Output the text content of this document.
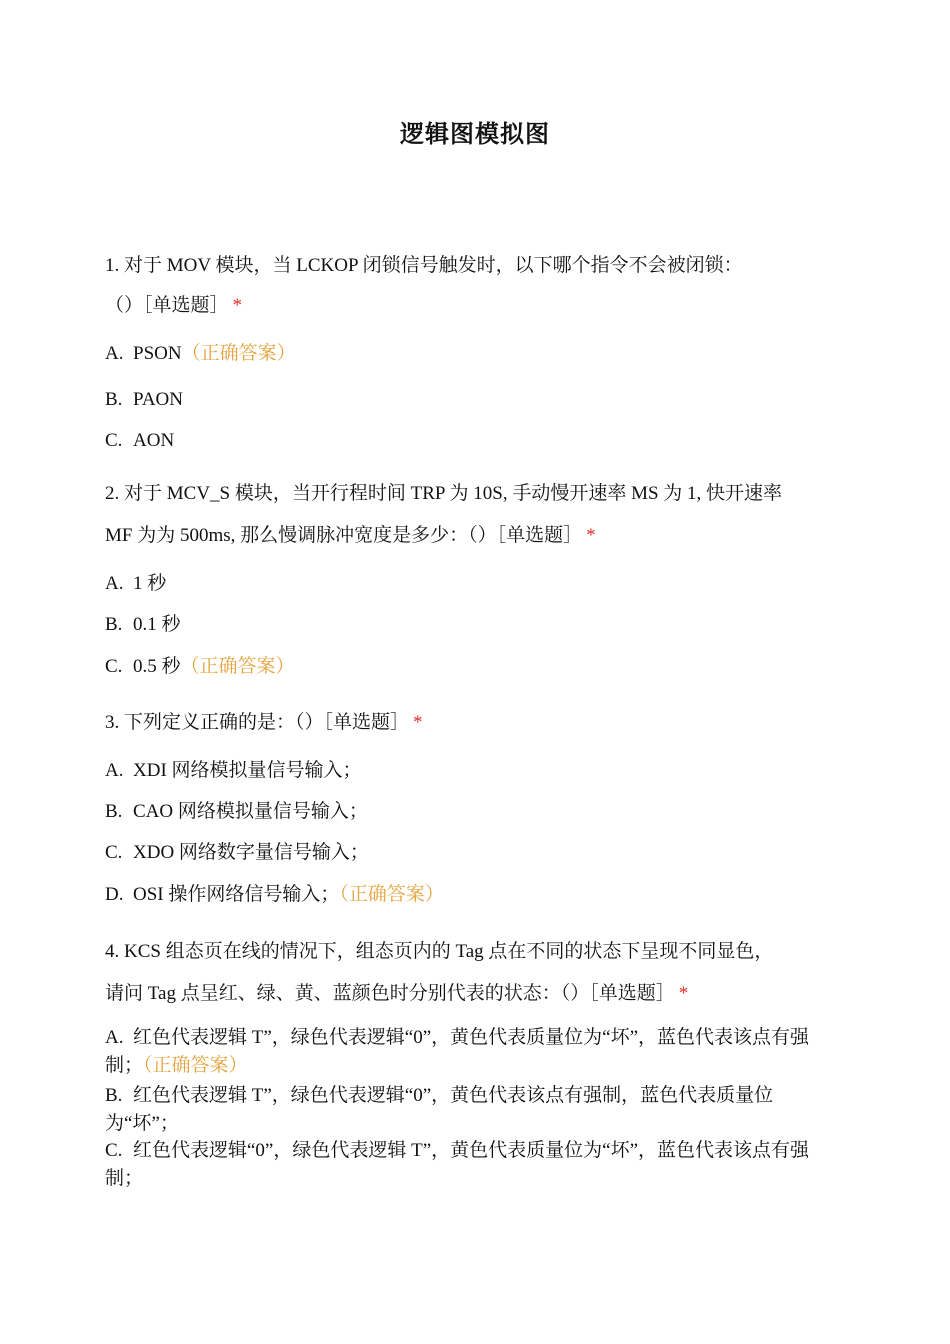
逻辑图模拟图
1. 对于 MOV 模块，当 LCKOP 闭锁信号触发时，以下哪个指令不会被闭锁：
（）［单选题］ *
A. PSON（正确答案）
B. PAON
C. AON
2. 对于 MCV_S 模块，当开行程时间 TRP 为 10S, 手动慢开速率 MS 为 1, 快开速率
MF 为为 500ms, 那么慢调脉冲宽度是多少：（）［单选题］ *
A. 1 秒
B. 0.1 秒
C. 0.5 秒（正确答案）
3. 下列定义正确的是：（）［单选题］ *
A. XDI 网络模拟量信号输入；
B. CAO 网络模拟量信号输入；
C. XDO 网络数字量信号输入；
D. OSI 操作网络信号输入；（正确答案）
4. KCS 组态页在线的情况下，组态页内的 Tag 点在不同的状态下呈现不同显色，
请问 Tag 点呈红、绿、黄、蓝颜色时分别代表的状态：（）［单选题］ *
A. 红色代表逻辑 T”，绿色代表逻辑“0”，黄色代表质量位为“坏”，蓝色代表该点有强制；（正确答案）
B. 红色代表逻辑 T”，绿色代表逻辑“0”，黄色代表该点有强制，蓝色代表质量位为“坏”；
C. 红色代表逻辑“0”，绿色代表逻辑 T”，黄色代表质量位为“坏”，蓝色代表该点有强制；
